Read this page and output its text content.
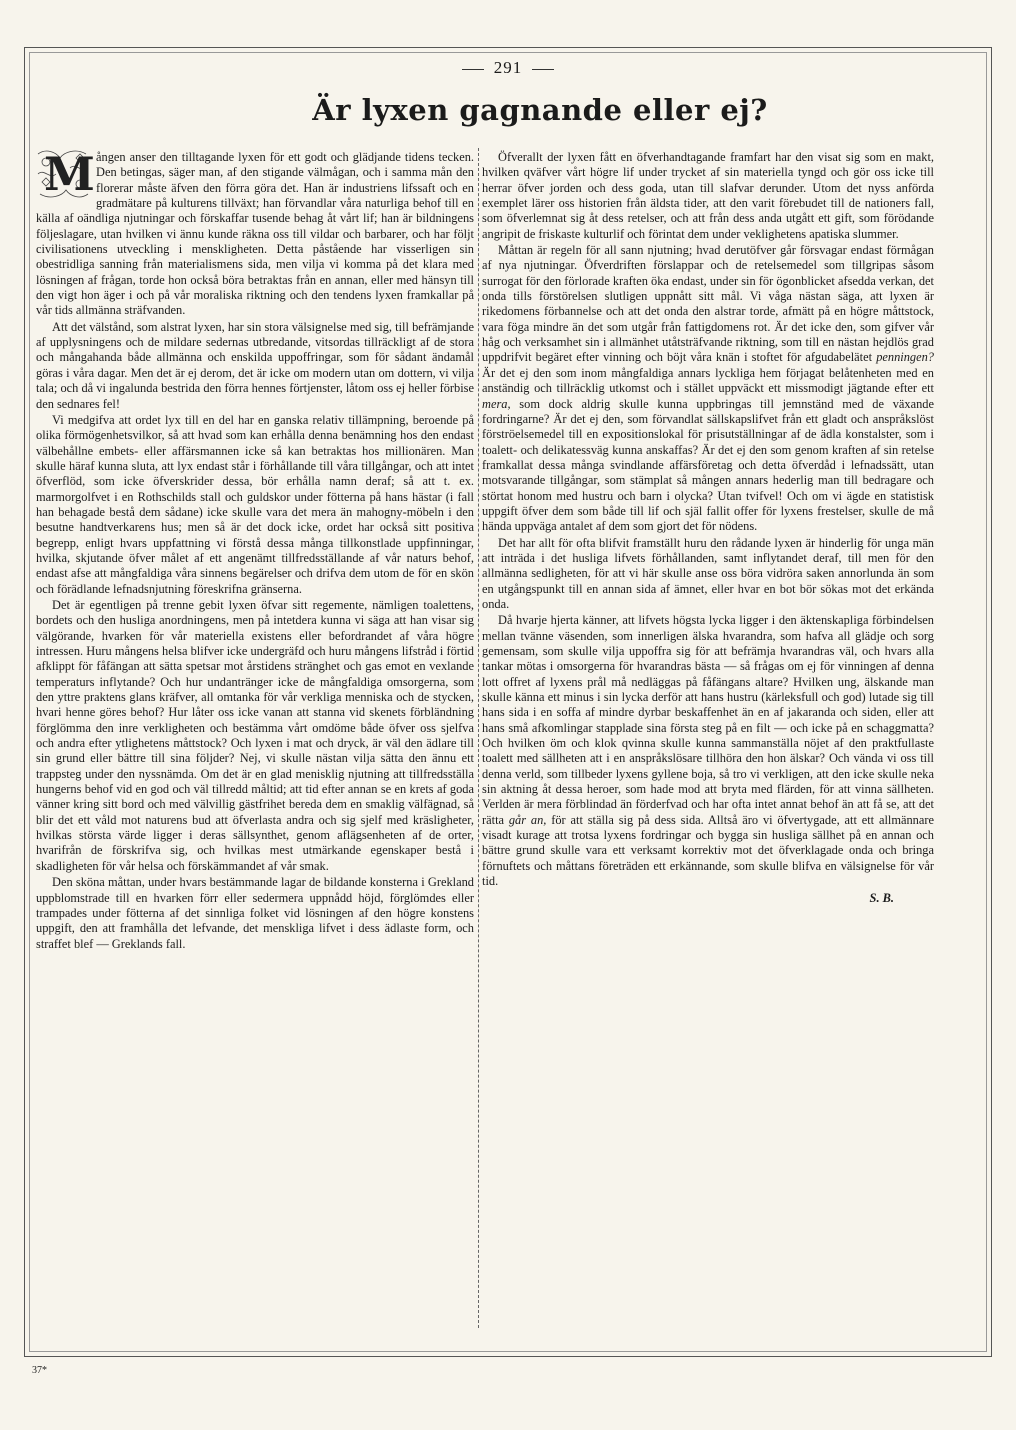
291
Är lyxen gagnande eller ej?

M ången anser den tilltagande lyxen för ett godt och glädjande tidens tecken. Den betingas, säger man, af den stigande välmågan, och i samma mån den florerar måste äfven den förra göra det. Han är industriens lifssaft och en gradmätare på kulturens tillväxt; han förvandlar våra naturliga behof till en källa af oändliga njutningar och förskaffar tusende behag åt vårt lif; han är bildningens följeslagare, utan hvilken vi ännu kunde räkna oss till vildar och barbarer, och har följt civilisationens utveckling i menskligheten. Detta påstående har visserligen sin obestridliga sanning från materialismens sida, men vilja vi komma på det klara med lösningen af frågan, torde hon också böra betraktas från en annan, eller med hänsyn till den vigt hon äger i och på vår moraliska riktning och den tendens lyxen framkallar på vår tids allmänna sträfvanden.

Att det välstånd, som alstrat lyxen, har sin stora välsignelse med sig, till befrämjande af upplysningens och de mildare sedernas utbredande, vitsordas tillräckligt af de stora och mångahanda både allmänna och enskilda uppoffringar, som för sådant ändamål göras i våra dagar. Men det är ej derom, det är icke om modern utan om dottern, vi vilja tala; och då vi ingalunda bestrida den förra hennes förtjenster, låtom oss ej heller förbise den sednares fel!

Vi medgifva att ordet lyx till en del har en ganska relativ tillämpning, beroende på olika förmögenhetsvilkor, så att hvad som kan erhålla denna benämning hos den endast välbehållne embets- eller affärsmannen icke så kan betraktas hos millionären. Man skulle häraf kunna sluta, att lyx endast står i förhållande till våra tillgångar, och att intet öfverflöd, som icke öfverskrider dessa, bör erhålla namn deraf; så att t. ex. marmorgolfvet i en Rothschilds stall och guldskor under fötterna på hans hästar (i fall han behagade bestå dem sådane) icke skulle vara det mera än mahogny-möbeln i den besutne handtverkarens hus; men så är det dock icke, ordet har också sitt positiva begrepp, enligt hvars uppfattning vi förstå dessa många tillkonstlade uppfinningar, hvilka, skjutande öfver målet af ett angenämt tillfredsställande af vår naturs behof, endast afse att mångfaldiga våra sinnens begärelser och drifva dem utom de för en skön och förädlande lefnadsnjutning föreskrifna gränserna.

Det är egentligen på trenne gebit lyxen öfvar sitt regemente, nämligen toalettens, bordets och den husliga anordningens, men på intetdera kunna vi säga att han visar sig välgörande, hvarken för vår materiella existens eller befordrandet af våra högre intressen. Huru mångens helsa blifver icke undergräfd och huru mångens lifstråd i förtid afklippt för fåfängan att sätta spetsar mot årstidens stränghet och gas emot en vexlande temperaturs inflytande? Och hur undantränger icke de mångfaldiga omsorgerna, som den yttre praktens glans kräfver, all omtanka för vår verkliga menniska och de stycken, hvari henne göres behof? Hur låter oss icke vanan att stanna vid skenets förbländning förglömma den inre verkligheten och bestämma vårt omdöme både öfver oss sjelfva och andra efter ytlighetens måttstock? Och lyxen i mat och dryck, är väl den ädlare till sin grund eller bättre till sina följder? Nej, vi skulle nästan vilja sätta den ännu ett trappsteg under den nyssnämda. Om det är en glad menisklig njutning att tillfredsställa hungerns behof vid en god och väl tillredd måltid; att tid efter annan se en krets af goda vänner kring sitt bord och med välvillig gästfrihet bereda dem en smaklig välfägnad, så blir det ett våld mot naturens bud att öfverlasta andra och sig sjelf med kräsligheter, hvilkas största värde ligger i deras sällsynthet, genom aflägsenheten af de orter, hvarifrån de förskrifva sig, och hvilkas mest utmärkande egenskaper bestå i skadligheten för vår helsa och förskämmandet af vår smak.

Den sköna måttan, under hvars bestämmande lagar de bildande konsterna i Grekland uppblomstrade till en hvarken förr eller sedermera uppnådd höjd, förglömdes eller trampades under fötterna af det sinnliga folket vid lösningen af den högre konstens uppgift, den att framhålla det lefvande, det menskliga lifvet i dess ädlaste form, och straffet blef — Greklands fall.

Öfverallt der lyxen fått en öfverhandtagande framfart har den visat sig som en makt, hvilken qväfver vårt högre lif under trycket af sin materiella tyngd och gör oss icke till herrar öfver jorden och dess goda, utan till slafvar derunder. Utom det nyss anförda exemplet lärer oss historien från äldsta tider, att den varit förebudet till de nationers fall, som öfverlemnat sig åt dess retelser, och att från dess anda utgått ett gift, som förödande angripit de friskaste kulturlif och förintat dem under veklighetens apatiska slummer.

Måttan är regeln för all sann njutning; hvad derutöfver går försvagar endast förmågan af nya njutningar. Öfverdriften förslappar och de retelsemedel som tillgripas såsom surrogat för den förlorade kraften öka endast, under sin för ögonblicket afsedda verkan, det onda tills förstörelsen slutligen uppnått sitt mål. Vi våga nästan säga, att lyxen är rikedomens förbannelse och att det onda den alstrar torde, afmätt på en högre måttstock, vara föga mindre än det som utgår från fattigdomens rot. Är det icke den, som gifver vår håg och verksamhet sin i allmänhet utåtsträfvande riktning, som till en nästan hejdlös grad uppdrifvit begäret efter vinning och böjt våra knän i stoftet för afgudabelätet penningen? Är det ej den som inom mångfaldiga annars lyckliga hem förjagat belåtenheten med en anständig och tillräcklig utkomst och i stället uppväckt ett missmodigt jägtande efter ett mera, som dock aldrig skulle kunna uppbringas till jemnständ med de växande fordringarne? Är det ej den, som förvandlat sällskapslifvet från ett gladt och anspråkslöst förströelsemedel till en expositionslokal för prisutställningar af de ädla konstalster, som i toalett- och delikatessväg kunna anskaffas? Är det ej den som genom kraften af sin retelse framkallat dessa många svindlande affärsföretag och detta öfverdåd i lefnadssätt, utan motsvarande tillgångar, som stämplat så mången annars hederlig man till bedragare och störtat honom med hustru och barn i olycka? Utan tvifvel! Och om vi ägde en statistisk uppgift öfver dem som både till lif och själ fallit offer för lyxens frestelser, skulle de må hända uppväga antalet af dem som gjort det för nödens.

Det har allt för ofta blifvit framställt huru den rådande lyxen är hinderlig för unga män att inträda i det husliga lifvets förhållanden, samt inflytandet deraf, till men för den allmänna sedligheten, för att vi här skulle anse oss böra vidröra saken annorlunda än som en utgångspunkt till en annan sida af ämnet, eller hvar en bot bör sökas mot det erkända onda.

Då hvarje hjerta känner, att lifvets högsta lycka ligger i den äktenskapliga förbindelsen mellan tvänne väsenden, som innerligen älska hvarandra, som hafva all glädje och sorg gemensam, som skulle vilja uppoffra sig för att befrämja hvarandras väl, och hvars alla tankar mötas i omsorgerna för hvarandras bästa — så frågas om ej för vinningen af denna lott offret af lyxens prål må nedläggas på fåfängans altare? Hvilken ung, älskande man skulle känna ett minus i sin lycka derför att hans hustru (kärleksfull och god) lutade sig till hans sida i en soffa af mindre dyrbar beskaffenhet än en af jakaranda och siden, eller att hans små afkomlingar stapplade sina första steg på en filt — och icke på en schaggmatta? Och hvilken öm och klok qvinna skulle kunna sammanställa nöjet af den praktfullaste toalett med sällheten att i en anspråkslösare tillhöra den hon älskar? Och vända vi oss till denna verld, som tillbeder lyxens gyllene boja, så tro vi verkligen, att den icke skulle neka sin aktning åt dessa heroer, som hade mod att bryta med flärden, för att vinna sällheten. Verlden är mera förblindad än förderfvad och har ofta intet annat behof än att få se, att det rätta går an, för att ställa sig på dess sida. Alltså äro vi öfvertygade, att ett allmännare visadt kurage att trotsa lyxens fordringar och bygga sin husliga sällhet på en annan och bättre grund skulle vara ett verksamt korrektiv mot det öfverklagade onda och bringa förnuftets och måttans företräden ett erkännande, som skulle blifva en välsignelse för vår tid.

S. B.

37*
